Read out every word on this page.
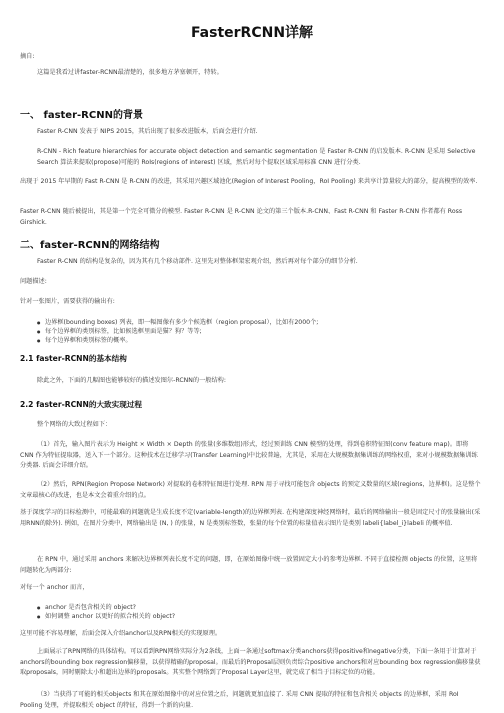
FasterRCNN详解

摘自:

这篇是我看过讲faster-RCNN最清楚的，很多地方茅塞顿开，特转。

一、 faster-RCNN的背景

Faster R-CNN 发表于 NIPS 2015，其后出现了很多改进版本，后面会进行介绍.

R-CNN - Rich feature hierarchies for accurate object detection and semantic segmentation 是 Faster R-CNN 的启发版本. R-CNN 是采用 Selective Search 算法来提取(propose)可能的 RoIs(regions of interest) 区域，然后对每个提取区域采用标准 CNN 进行分类.

出现于 2015 年早期的 Fast R-CNN 是 R-CNN 的改进，其采用兴趣区域池化(Region of Interest Pooling，RoI Pooling) 来共享计算量较大的部分，提高模型的效率.

Faster R-CNN 随后被提出，其是第一个完全可微分的模型. Faster R-CNN 是 R-CNN 论文的第三个版本.R-CNN、Fast R-CNN 和 Faster R-CNN 作者都有 Ross Girshick.

二、faster-RCNN的网络结构

Faster R-CNN 的结构是复杂的，因为其有几个移动部件. 这里先对整体框架宏观介绍，然后再对每个部分的细节分析.

问题描述:

针对一张图片，需要获得的输出有:

● 边界框(bounding boxes) 列表，即一幅图像有多少个候选框（region proposal），比如有2000个;
● 每个边界框的类别标签，比如候选框里面是猫？狗？等等;
● 每个边界框和类别标签的概率。
2.1 faster-RCNN的基本结构

除此之外，下面的几幅图也能够较好的描述发图尔-RCNN的一般结构:

2.2 faster-RCNN的大致实现过程

整个网络的大致过程如下：

（1）首先，输入图片表示为 Height × Width × Depth 的张量(多维数组)形式，经过预训练 CNN 模型的处理，得到卷积特征图(conv feature map)。即将 CNN 作为特征提取器，送入下一个部分。这种技术在迁移学习(Transfer Learning)中比较普遍，尤其是，采用在大规模数据集训练的网络权重，来对小规模数据集训练分类器. 后面会详细介绍。

（2）然后，RPN(Region Propose Network) 对提取的卷积特征图进行处理. RPN 用于寻找可能包含 objects 的预定义数量的区域(regions，边界框)。这是整个文章最核心的改进，也是本文会着重介绍的点。

基于深度学习的目标检测中，可能最难的问题就是生成长度不定(variable-length)的边界框列表. 在构建深度神经网络时，最后的网络输出一般是固定尺寸的张量输出(采用RNN的除外). 例如，在图片分类中，网络输出是 (N, ) 的张量，N 是类别标签数，张量的每个位置的标量值表示图片是类别 labeli{label_i}labeli 的概率值.

在 RPN 中，通过采用 anchors 来解决边界框列表长度不定的问题，即，在原始图像中统一放置固定大小的参考边界框. 不同于直接检测 objects 的位置，这里将问题转化为两部分:

对每一个 anchor 而言，

● anchor 是否包含相关的 object?
● 如何调整 anchor 以更好的拟合相关的 object?

这里可能不容易理解，后面会深入介绍anchor以及RPN相关的实现原理。

上面展示了RPN网络的具体结构。可以看到RPN网络实际分为2条线，上面一条通过softmax分类anchors获得positive和negative分类，下面一条用于计算对于anchors的bounding box regression偏移量，以获得精确的proposal。而最后的Proposal层则负责综合positive anchors和对应bounding box regression偏移量获取proposals，同时剔除太小和超出边界的proposals。其实整个网络到了Proposal Layer这里，就完成了相当于目标定位的功能。

（3）当获得了可能的相关objects 和其在原始图像中的对应位置之后，问题就更加直接了. 采用 CNN 提取的特征和包含相关 objects 的边界框，采用 RoI Pooling 处理，并提取相关 object 的特征，得到一个新的向量.
